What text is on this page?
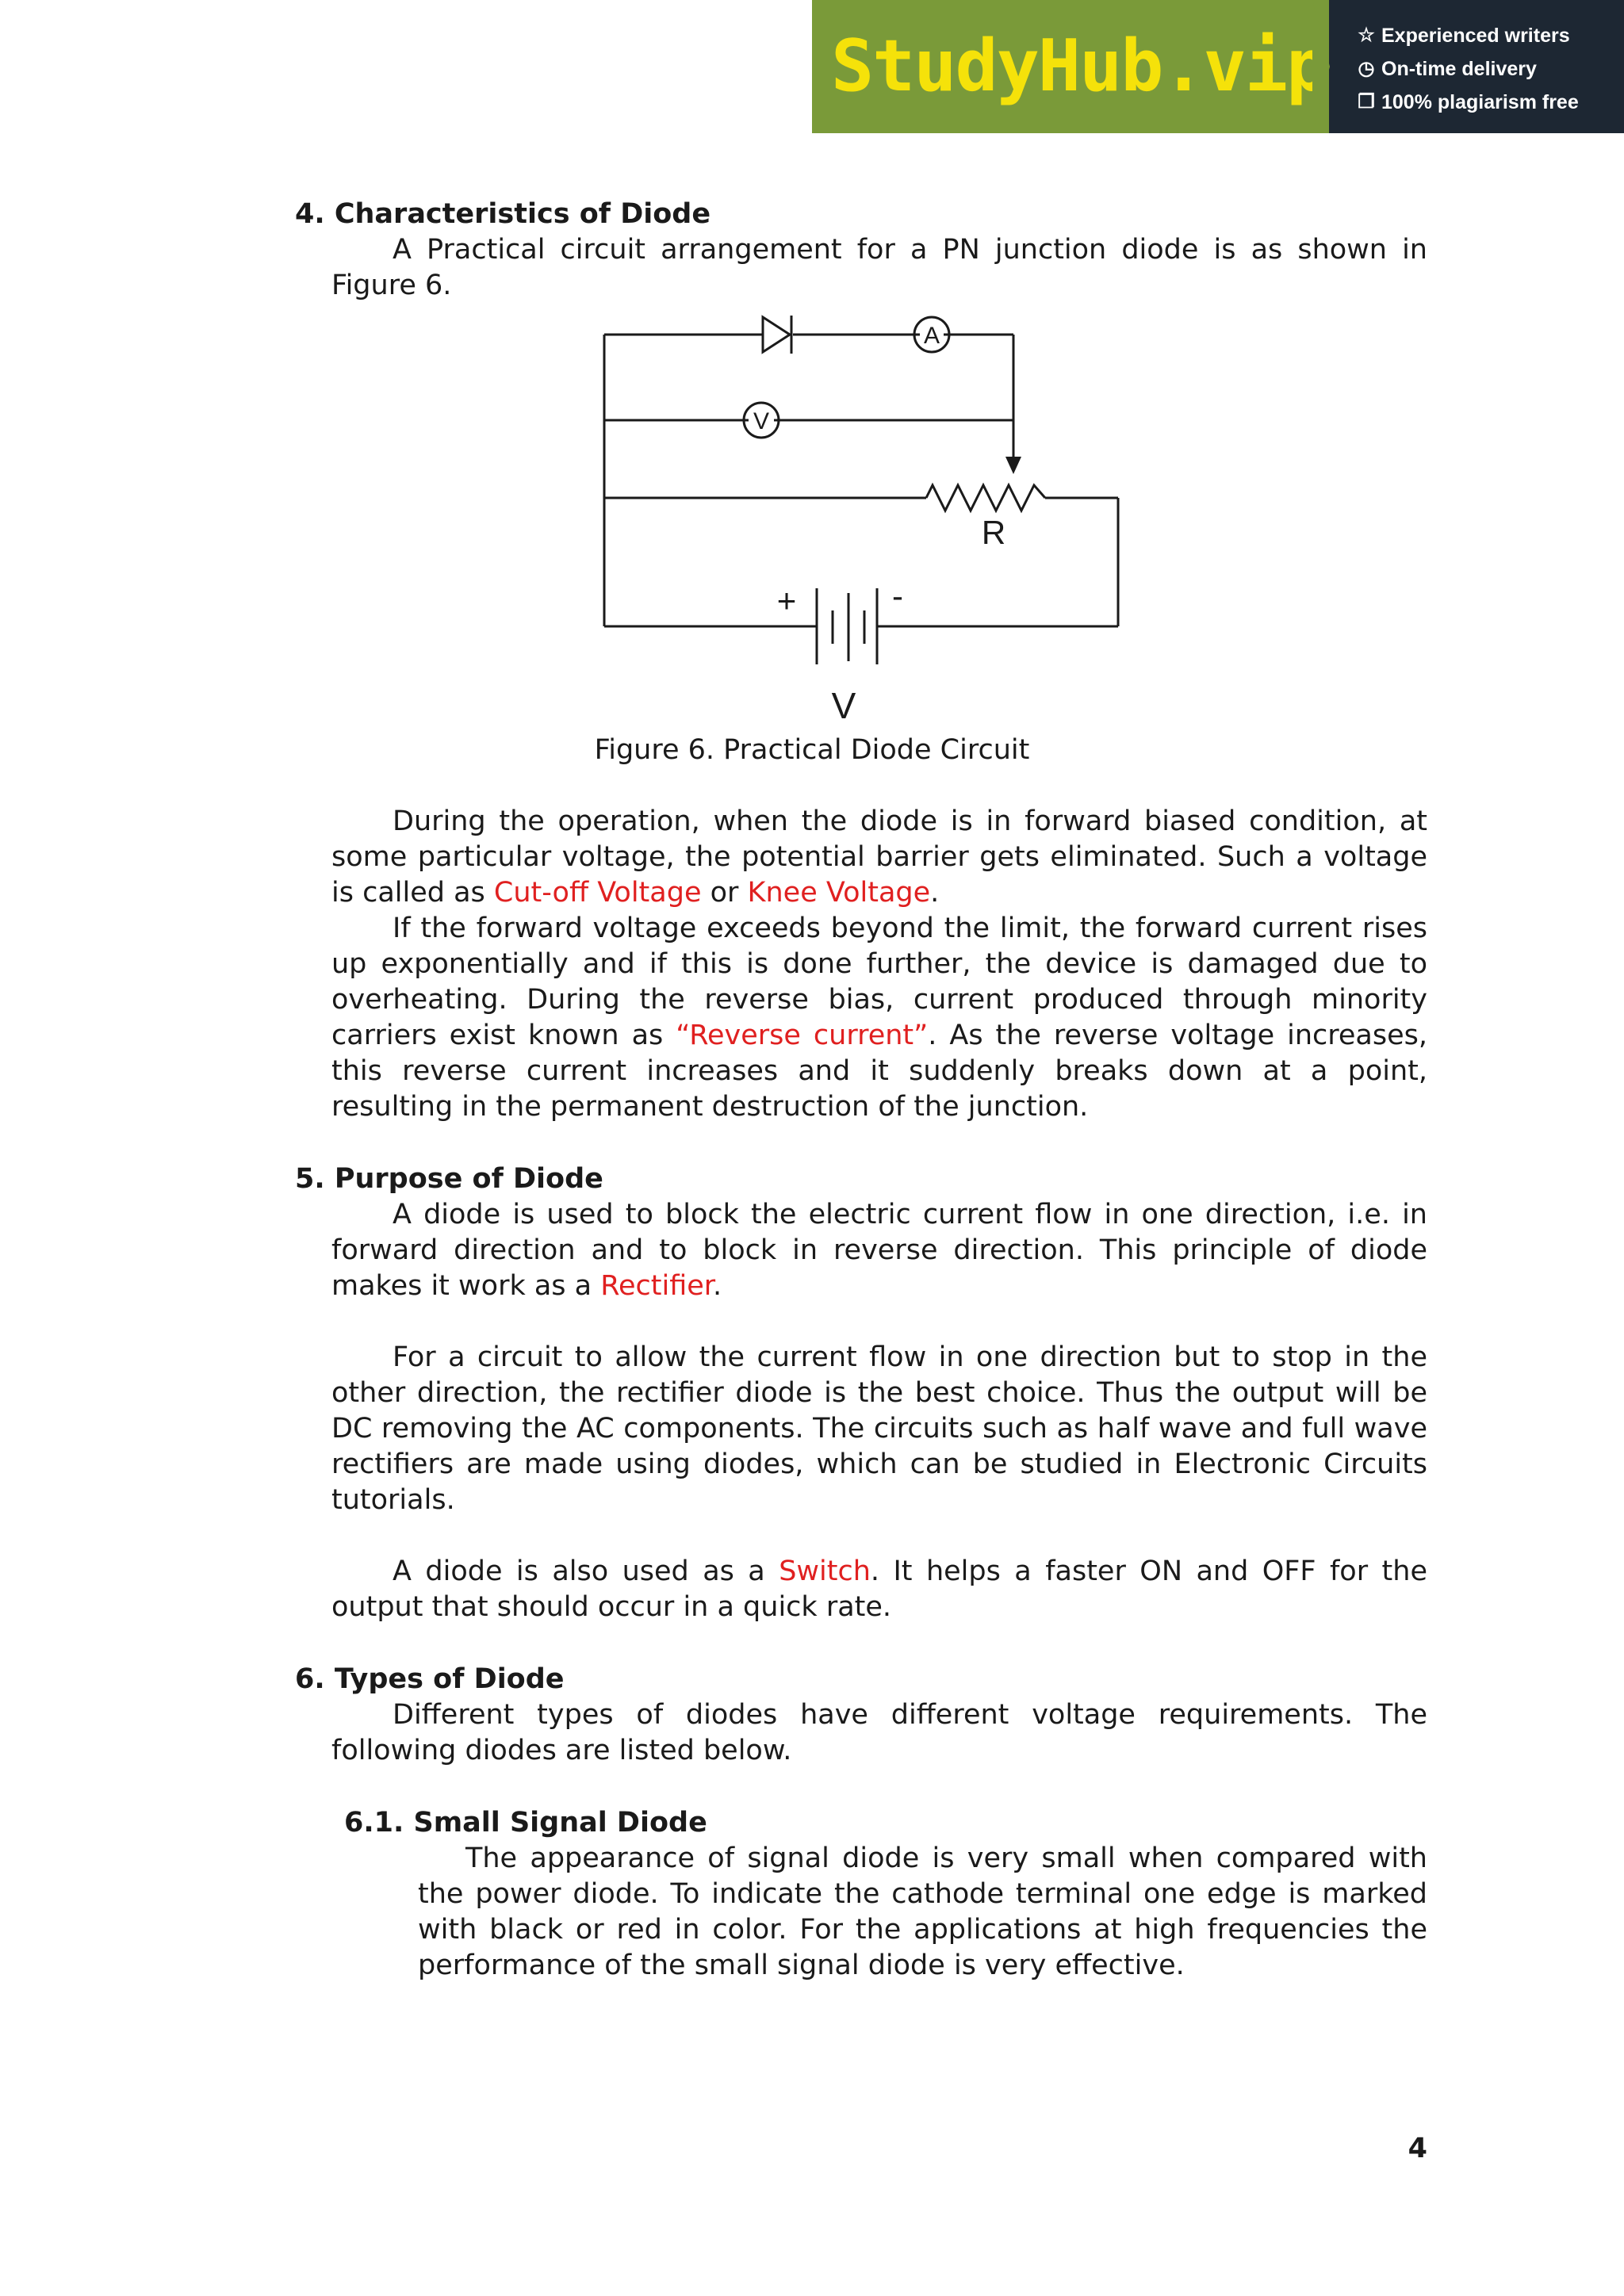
StudyHub.vip ☆ Experienced writers
◷ On-time delivery
❐ 100% plagiarism free
4. Characteristics of Diode
A Practical circuit arrangement for a PN junction diode is as shown in Figure 6.
A
V
R
+	-
V
Figure 6. Practical Diode Circuit
During the operation, when the diode is in forward biased condition, at some particular voltage, the potential barrier gets eliminated. Such a voltage is called as Cut-off Voltage or Knee Voltage.
If the forward voltage exceeds beyond the limit, the forward current rises up exponentially and if this is done further, the device is damaged due to overheating. During the reverse bias, current produced through minority carriers exist known as “Reverse current”. As the reverse voltage increases, this reverse current increases and it suddenly breaks down at a point, resulting in the permanent destruction of the junction.
5. Purpose of Diode
A diode is used to block the electric current flow in one direction, i.e. in forward direction and to block in reverse direction. This principle of diode makes it work as a Rectifier.
For a circuit to allow the current flow in one direction but to stop in the other direction, the rectifier diode is the best choice. Thus the output will be DC removing the AC components. The circuits such as half wave and full wave rectifiers are made using diodes, which can be studied in Electronic Circuits tutorials.
A diode is also used as a Switch. It helps a faster ON and OFF for the output that should occur in a quick rate.
6. Types of Diode
Different types of diodes have different voltage requirements. The following diodes are listed below.
6.1. Small Signal Diode
The appearance of signal diode is very small when compared with the power diode. To indicate the cathode terminal one edge is marked with black or red in color. For the applications at high frequencies the performance of the small signal diode is very effective.
4
